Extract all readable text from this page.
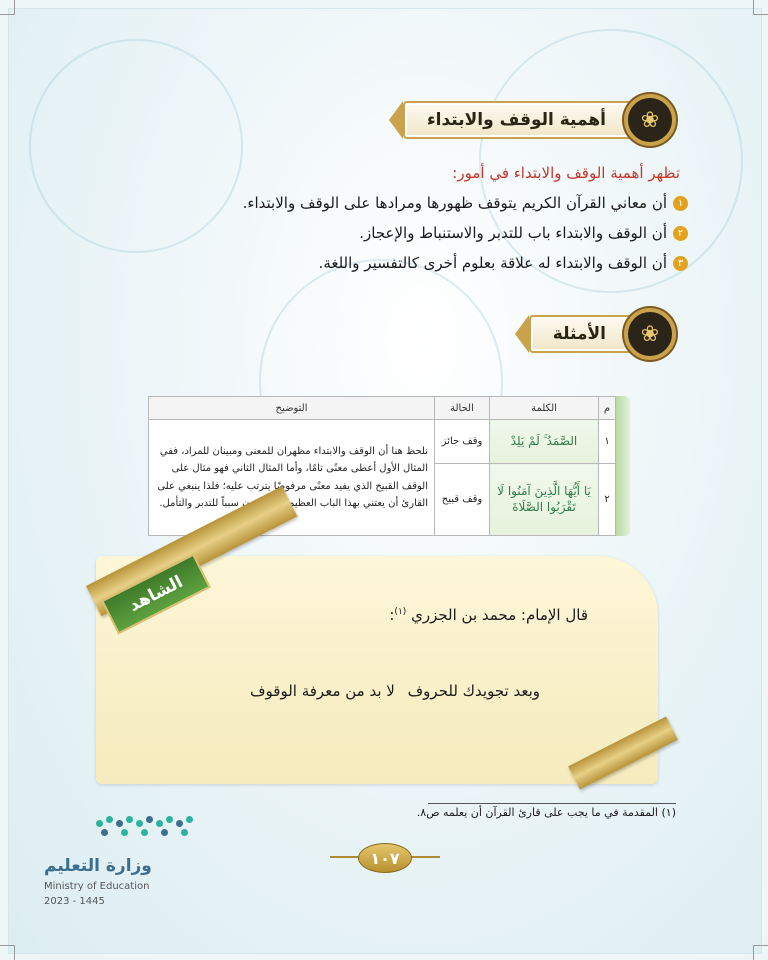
❀
أهمية الوقف والابتداء
تظهر أهمية الوقف والابتداء في أمور:
١
أن معاني القرآن الكريم يتوقف ظهورها ومرادها على الوقف والابتداء.
٢
أن الوقف والابتداء باب للتدبر والاستنباط والإعجاز.
٣
أن الوقف والابتداء له علاقة بعلوم أخرى كالتفسير واللغة.
❀
الأمثلة
م	الكلمة	الحالة	التوضيح
١	الصَّمَدُ ۚ لَمْ يَلِدْ	وقف جائز	نلحظ هنا أن الوقف والابتداء مظهران للمعنى ومبينان للمراد، ففي المثال الأول أعطى معنًى تامًا، وأما المثال الثاني فهو مثال على الوقف القبيح الذي يفيد معنًى مرفوضًا يترتب عليه؛ فلذا ينبغي على القارئ أن يعتني بهذا الباب العظيم الذي يكون سبباً للتدبر والتأمل.
٢	يَا أَيُّهَا الَّذِينَ آمَنُوا لَا تَقْرَبُوا الصَّلَاةَ	وقف قبيح	
الشاهد	قال الإمام: محمد بن الجزري $^{(١)}$:
وبعد تجويدك للحروف
لا بد من معرفة الوقوف
(١) المقدمة في ما يجب على قارئ القرآن أن يعلمه ص٨.
١٠٧
وزارة التعليم
Ministry of Education
2023 - 1445
